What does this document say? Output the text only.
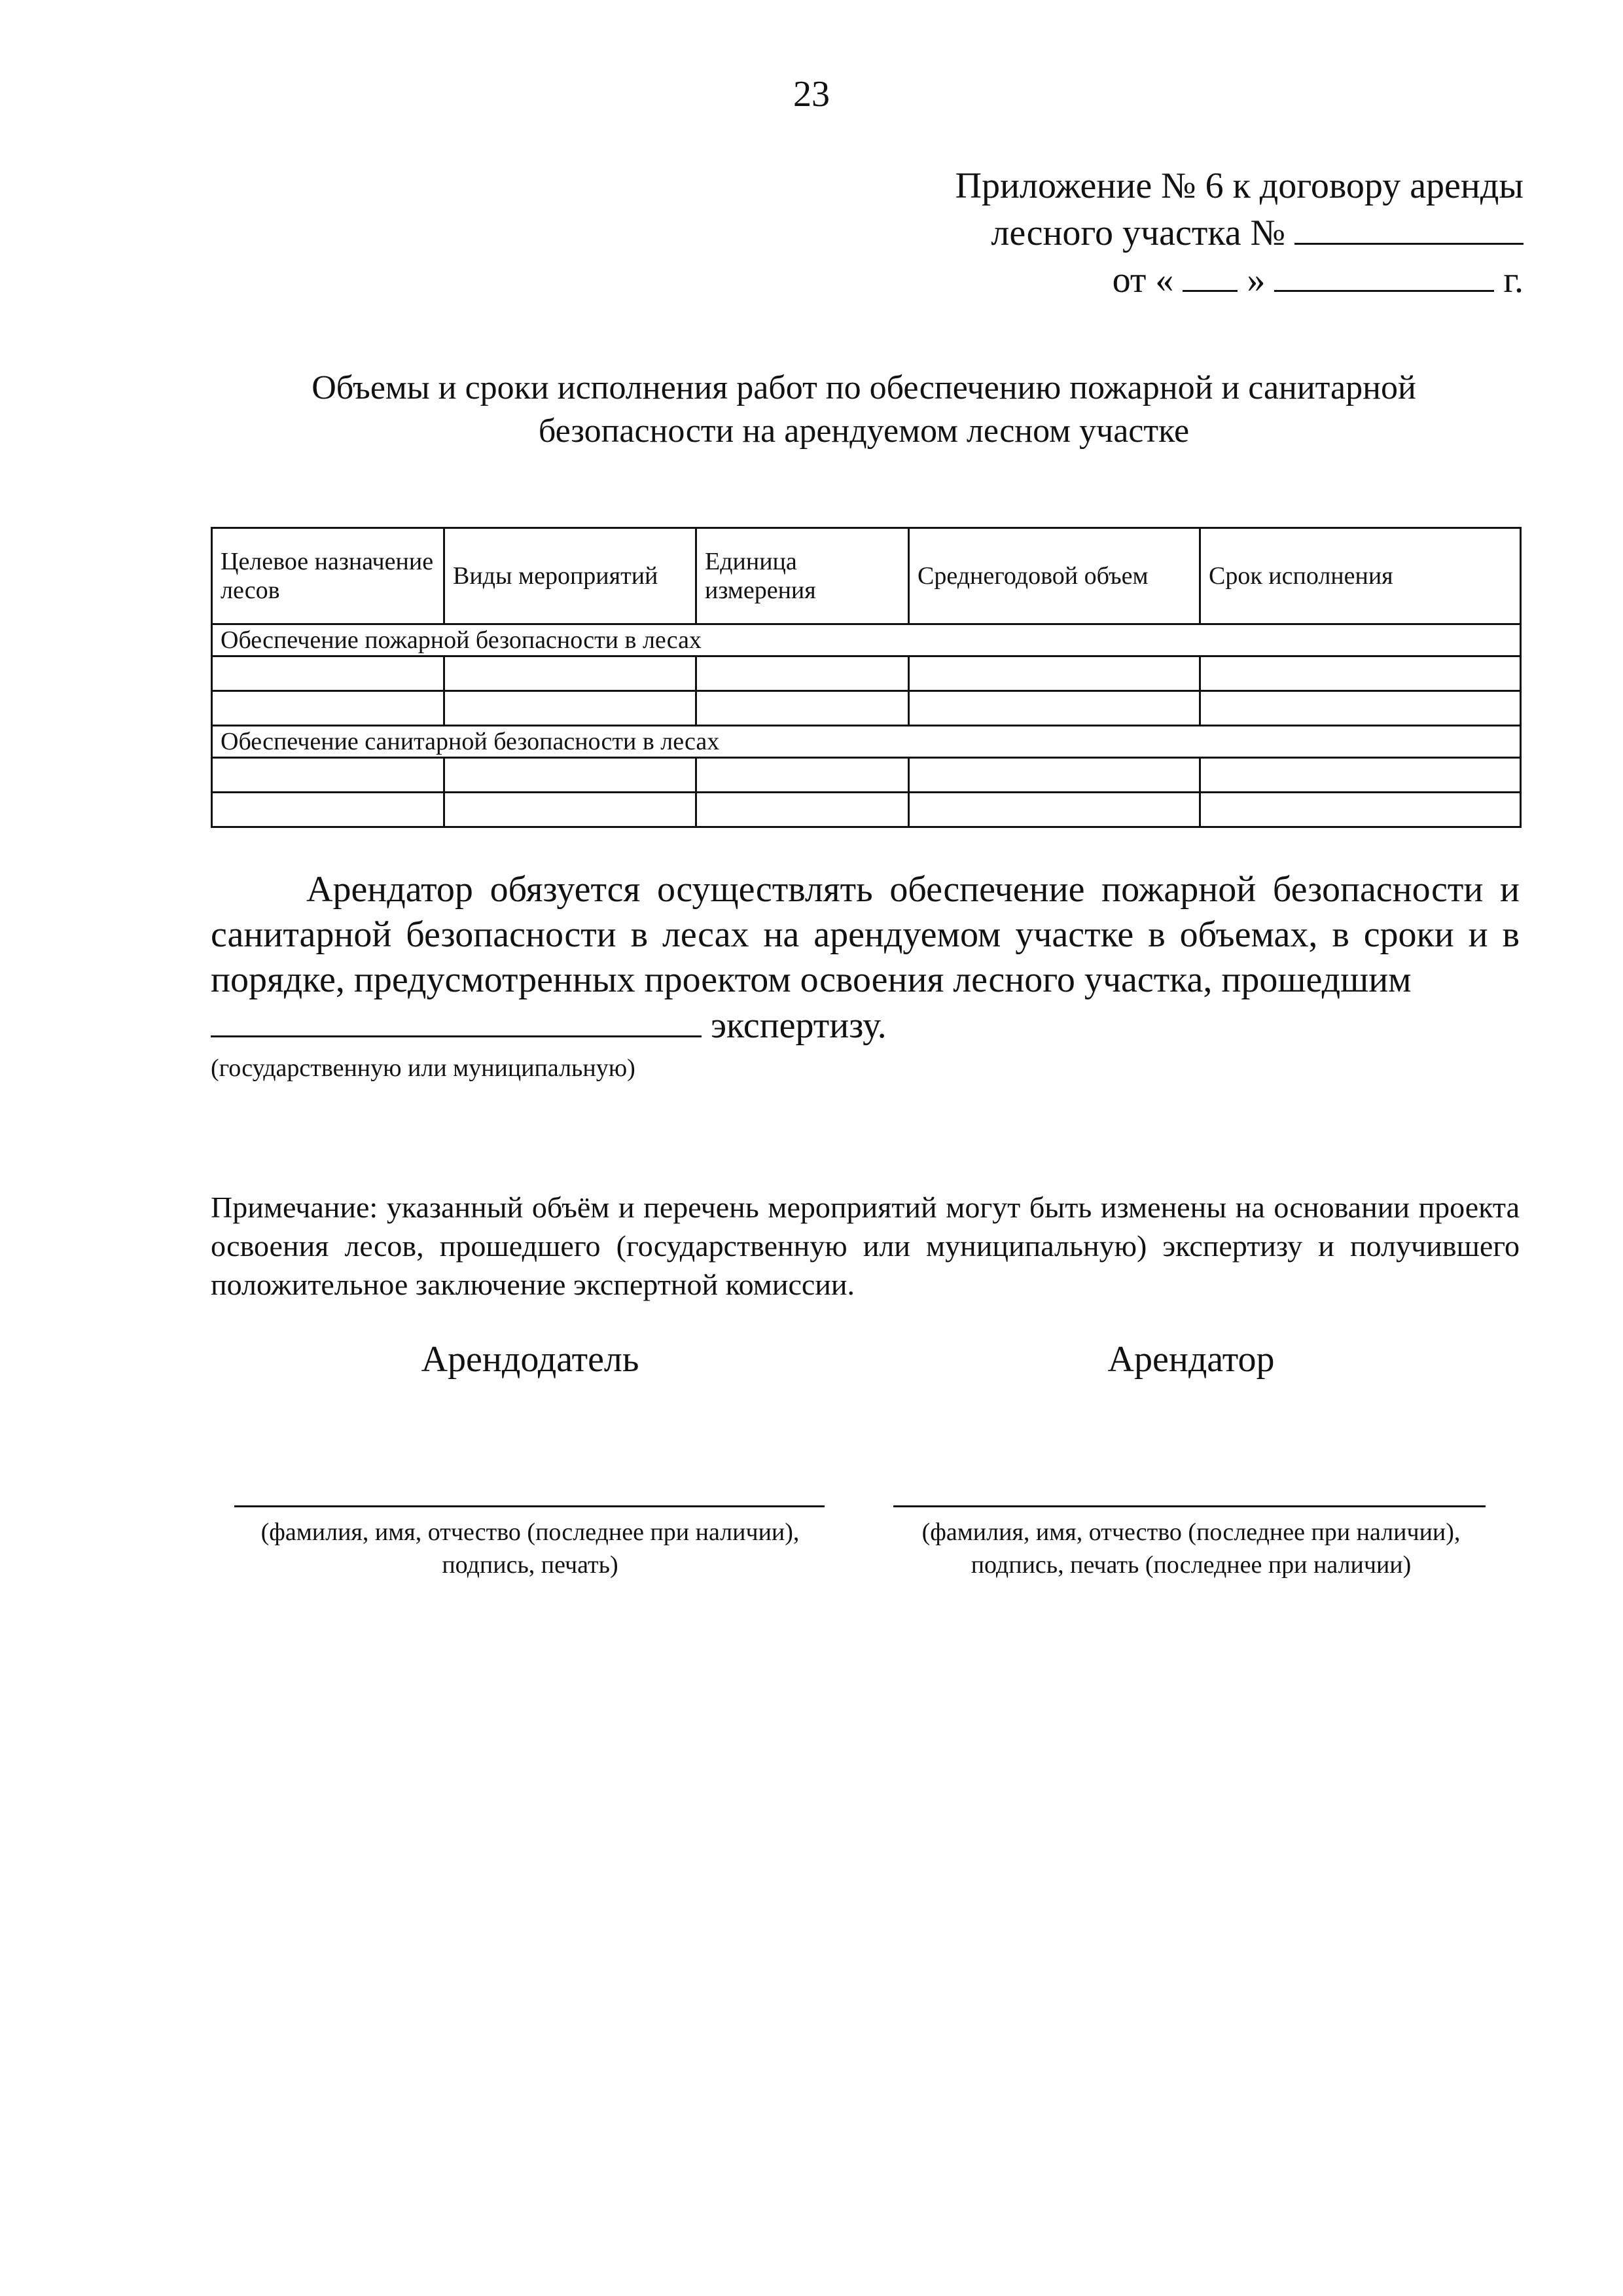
23
Приложение № 6 к договору аренды
лесного участка №
от « »	г.
Объемы и сроки исполнения работ по обеспечению пожарной и санитарной
безопасности на арендуемом лесном участке
Целевое назначение лесов	Виды мероприятий	Единица измерения	Среднегодовой объем	Срок исполнения
Обеспечение пожарной безопасности в лесах				

Обеспечение санитарной безопасности в лесах				

Арендатор обязуется осуществлять обеспечение пожарной безопасности и санитарной безопасности в лесах на арендуемом участке в объемах, в сроки и в порядке, предусмотренных проектом освоения лесного участка, прошедшим
экспертизу.
(государственную или муниципальную)
Примечание: указанный объём и перечень мероприятий могут быть изменены на основании проекта освоения лесов, прошедшего (государственную или муниципальную) экспертизу и получившего положительное заключение экспертной комиссии.
Арендодатель	Арендатор
(фамилия, имя, отчество (последнее при наличии),
подпись, печать)
(фамилия, имя, отчество (последнее при наличии),
подпись, печать (последнее при наличии)
